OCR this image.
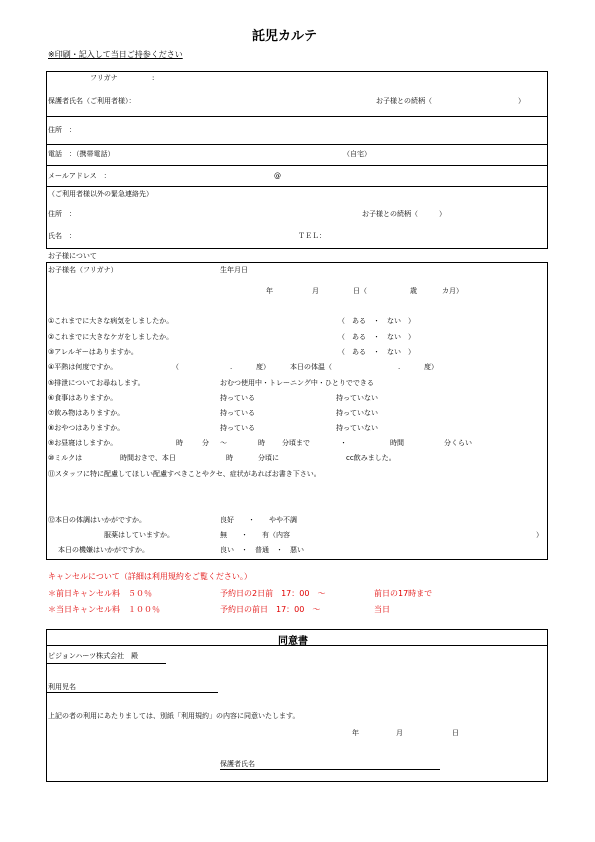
託児カルテ
※印刷・記入して当日ご持参ください
フリガナ	:
保護者氏名（ご利用者様）：	お子様との続柄（	）
住所　：
電話　：（携帯電話）	（自宅）
メールアドレス　：	@
（ご利用者様以外の緊急連絡先）
住所　：	お子様との続柄（　　　）
氏名　：	ＴＥＬ：
お子様について
お子様名（フリガナ）	生年月日
年	月	日（	歳	カ月）
①これまでに大きな病気をしましたか。	（　ある　・　ない　）
②これまでに大きなケガをしましたか。	（　ある　・　ない　）
③アレルギーはありますか。	（　ある　・　ない　）
④平熱は何度ですか。	（	.	度）	本日の体温（	.	度）
⑤排泄についてお尋ねします。	おむつ使用中・トレーニング中・ひとりでできる
⑥食事はありますか。	持っている	持っていない
⑦飲み物はありますか。	持っている	持っていない
⑧おやつはありますか。	持っている	持っていない
⑨お昼寝はしますか。	時	分 〜	時 分頃まで	・	時間	分くらい
⑩ミルクは	時間おきで、本日	時	分頃に	cc飲みました。
⑪スタッフに特に配慮してほしい配慮すべきことやクセ、症状があればお書き下さい。
⑫本日の体調はいかがですか。	良好　　・　　やや不調
服薬はしていますか。	無　　・　　有（内容	）
本日の機嫌はいかがですか。	良い　・　普通　・　悪い
キャンセルについて（詳細は利用規約をご覧ください。）
＊前日キャンセル料　５０％	予約日の2日前　17：00　〜	前日の17時まで
＊当日キャンセル料　１００％	予約日の前日　17：00　〜	当日
同意書
ピジョンハーツ株式会社　殿
利用児名
上記の者の利用にあたりましては、別紙「利用規約」の内容に同意いたします。
年	月	日
保護者氏名
